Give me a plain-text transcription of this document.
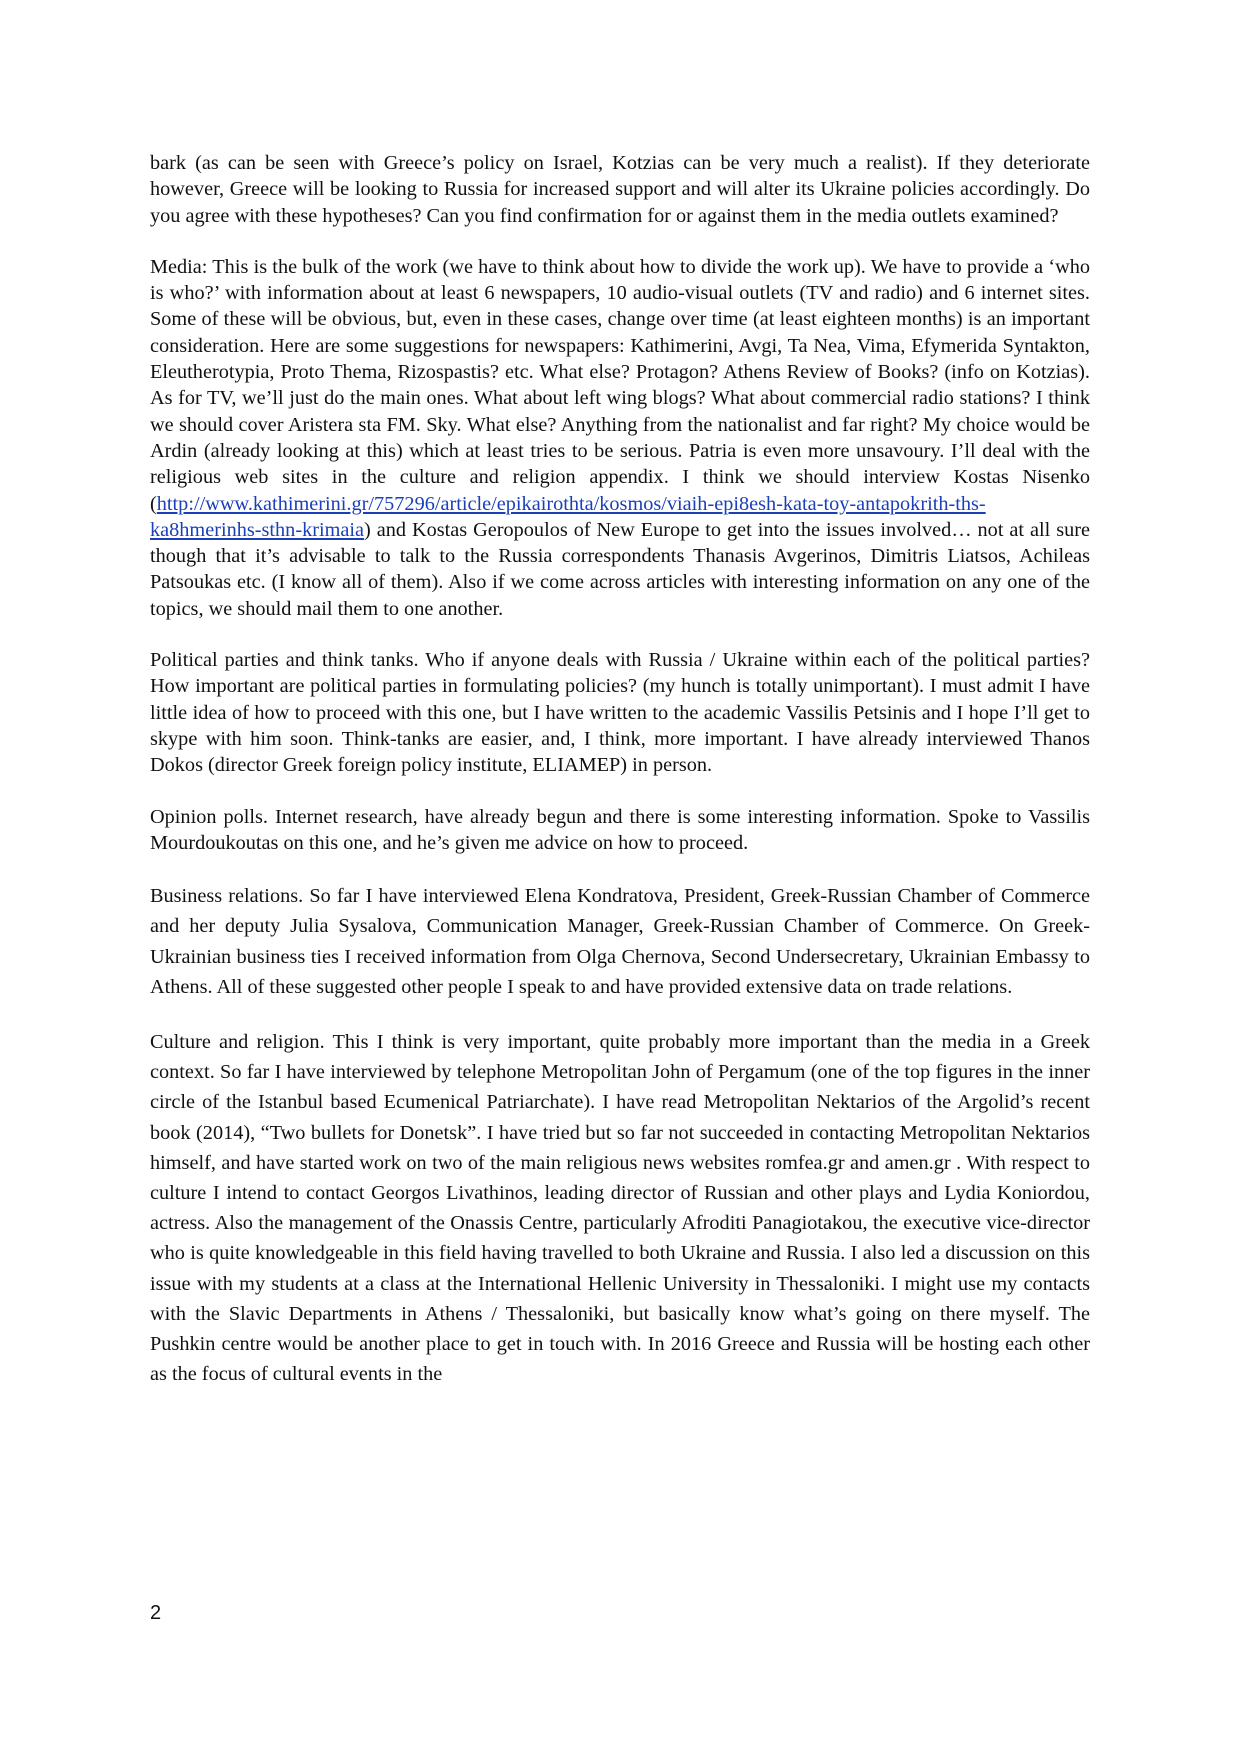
bark (as can be seen with Greece’s policy on Israel, Kotzias can be very much a realist). If they deteriorate however, Greece will be looking to Russia for increased support and will alter its Ukraine policies accordingly. Do you agree with these hypotheses? Can you find confirmation for or against them in the media outlets examined?

Media: This is the bulk of the work (we have to think about how to divide the work up). We have to provide a ‘who is who?’ with information about at least 6 newspapers, 10 audio-visual outlets (TV and radio) and 6 internet sites. Some of these will be obvious, but, even in these cases, change over time (at least eighteen months) is an important consideration. Here are some suggestions for newspapers: Kathimerini, Avgi, Ta Nea, Vima, Efymerida Syntakton, Eleutherotypia, Proto Thema, Rizospastis? etc. What else? Protagon? Athens Review of Books? (info on Kotzias). As for TV, we’ll just do the main ones. What about left wing blogs? What about commercial radio stations? I think we should cover Aristera sta FM. Sky. What else? Anything from the nationalist and far right? My choice would be Ardin (already looking at this) which at least tries to be serious. Patria is even more unsavoury. I’ll deal with the religious web sites in the culture and religion appendix. I think we should interview Kostas Nisenko (http://www.kathimerini.gr/757296/article/epikairothta/kosmos/viaih-epi8esh-kata-toy-antapokrith-ths-ka8hmerinhs-sthn-krimaia) and Kostas Geropoulos of New Europe to get into the issues involved… not at all sure though that it’s advisable to talk to the Russia correspondents Thanasis Avgerinos, Dimitris Liatsos, Achileas Patsoukas etc. (I know all of them). Also if we come across articles with interesting information on any one of the topics, we should mail them to one another.

Political parties and think tanks. Who if anyone deals with Russia / Ukraine within each of the political parties? How important are political parties in formulating policies? (my hunch is totally unimportant). I must admit I have little idea of how to proceed with this one, but I have written to the academic Vassilis Petsinis and I hope I’ll get to skype with him soon. Think-tanks are easier, and, I think, more important. I have already interviewed Thanos Dokos (director Greek foreign policy institute, ELIAMEP) in person.

Opinion polls. Internet research, have already begun and there is some interesting information. Spoke to Vassilis Mourdoukoutas on this one, and he’s given me advice on how to proceed.

Business relations. So far I have interviewed Elena Kondratova, President, Greek-Russian Chamber of Commerce and her deputy Julia Sysalova, Communication Manager, Greek-Russian Chamber of Commerce. On Greek-Ukrainian business ties I received information from Olga Chernova, Second Undersecretary, Ukrainian Embassy to Athens. All of these suggested other people I speak to and have provided extensive data on trade relations.

Culture and religion. This I think is very important, quite probably more important than the media in a Greek context. So far I have interviewed by telephone Metropolitan John of Pergamum (one of the top figures in the inner circle of the Istanbul based Ecumenical Patriarchate). I have read Metropolitan Nektarios of the Argolid’s recent book (2014), “Two bullets for Donetsk”. I have tried but so far not succeeded in contacting Metropolitan Nektarios himself, and have started work on two of the main religious news websites romfea.gr and amen.gr . With respect to culture I intend to contact Georgos Livathinos, leading director of Russian and other plays and Lydia Koniordou, actress. Also the management of the Onassis Centre, particularly Afroditi Panagiotakou, the executive vice-director who is quite knowledgeable in this field having travelled to both Ukraine and Russia. I also led a discussion on this issue with my students at a class at the International Hellenic University in Thessaloniki. I might use my contacts with the Slavic Departments in Athens / Thessaloniki, but basically know what’s going on there myself. The Pushkin centre would be another place to get in touch with. In 2016 Greece and Russia will be hosting each other as the focus of cultural events in the

2
